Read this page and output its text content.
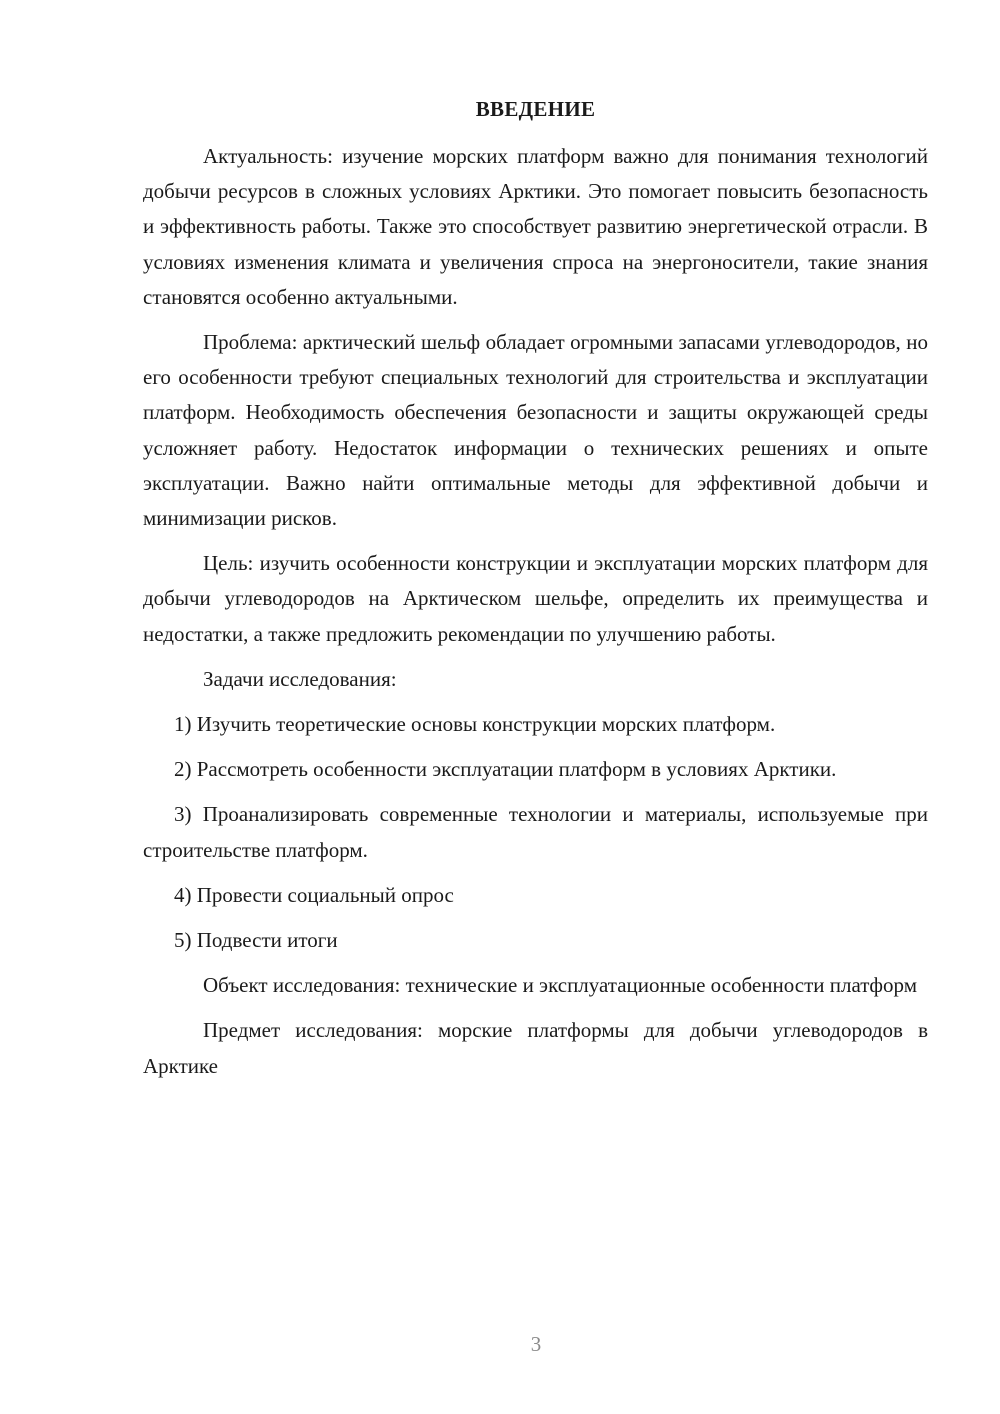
ВВЕДЕНИЕ

Актуальность: изучение морских платформ важно для понимания технологий добычи ресурсов в сложных условиях Арктики. Это помогает повысить безопасность и эффективность работы. Также это способствует развитию энергетической отрасли. В условиях изменения климата и увеличения спроса на энергоносители, такие знания становятся особенно актуальными.

Проблема: арктический шельф обладает огромными запасами углеводородов, но его особенности требуют специальных технологий для строительства и эксплуатации платформ. Необходимость обеспечения безопасности и защиты окружающей среды усложняет работу. Недостаток информации о технических решениях и опыте эксплуатации. Важно найти оптимальные методы для эффективной добычи и минимизации рисков.

Цель: изучить особенности конструкции и эксплуатации морских платформ для добычи углеводородов на Арктическом шельфе, определить их преимущества и недостатки, а также предложить рекомендации по улучшению работы.

Задачи исследования:

1) Изучить теоретические основы конструкции морских платформ.

2) Рассмотреть особенности эксплуатации платформ в условиях Арктики.

3) Проанализировать современные технологии и материалы, используемые при строительстве платформ.

4) Провести социальный опрос

5) Подвести итоги

Объект исследования: технические и эксплуатационные особенности платформ

Предмет исследования: морские платформы для добычи углеводородов в Арктике

3
